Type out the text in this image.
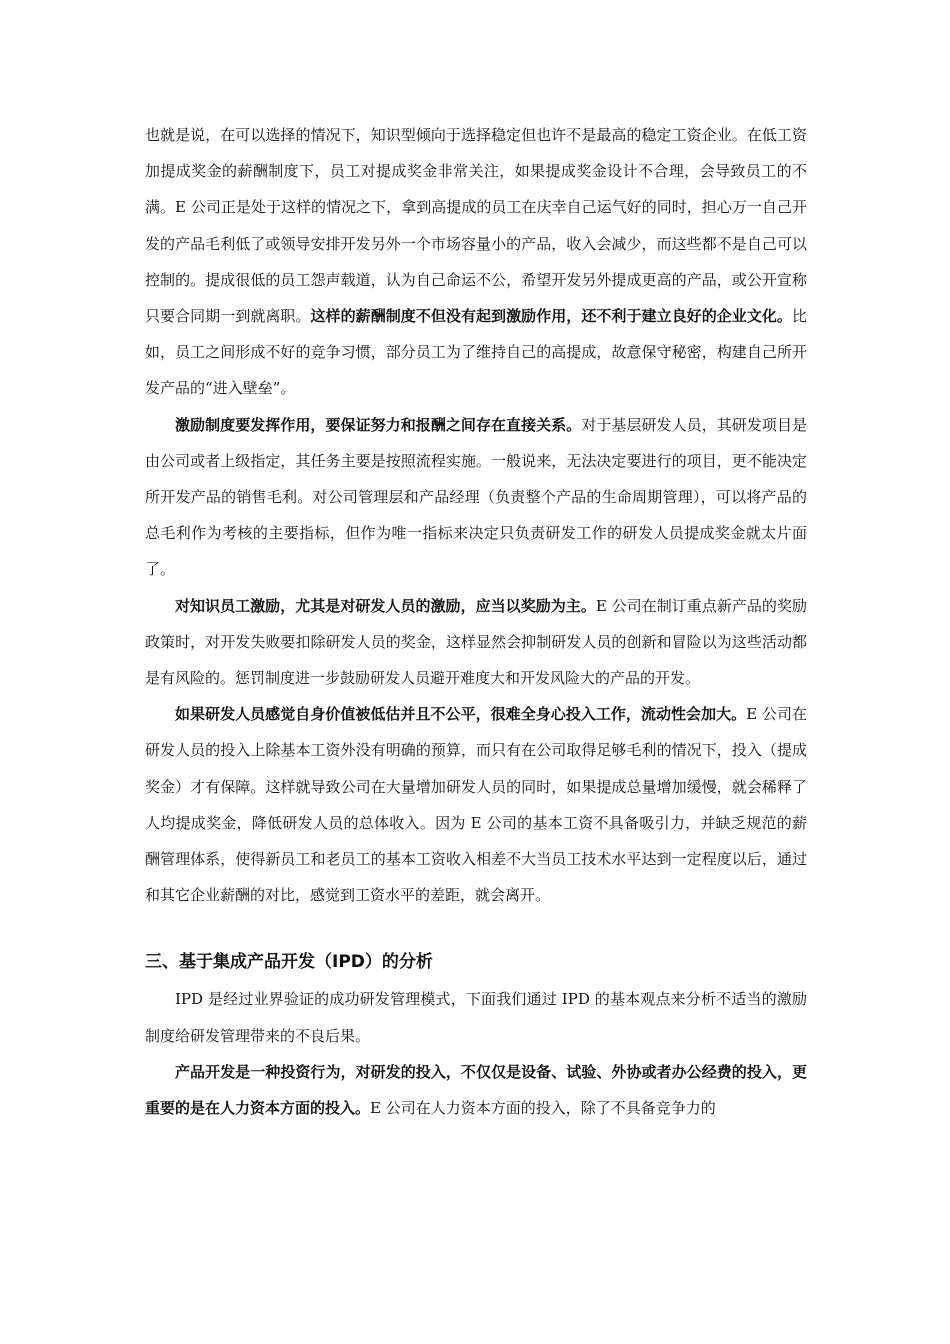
也就是说，在可以选择的情况下，知识型倾向于选择稳定但也许不是最高的稳定工资企业。在低工资加提成奖金的薪酬制度下，员工对提成奖金非常关注，如果提成奖金设计不合理，会导致员工的不满。E 公司正是处于这样的情况之下，拿到高提成的员工在庆幸自己运气好的同时，担心万一自己开发的产品毛利低了或领导安排开发另外一个市场容量小的产品，收入会减少，而这些都不是自己可以控制的。提成很低的员工怨声载道，认为自己命运不公，希望开发另外提成更高的产品，或公开宣称只要合同期一到就离职。这样的薪酬制度不但没有起到激励作用，还不利于建立良好的企业文化。比如，员工之间形成不好的竞争习惯，部分员工为了维持自己的高提成，故意保守秘密，构建自己所开发产品的“进入壁垒”。

激励制度要发挥作用，要保证努力和报酬之间存在直接关系。对于基层研发人员，其研发项目是由公司或者上级指定，其任务主要是按照流程实施。一般说来，无法决定要进行的项目，更不能决定所开发产品的销售毛利。对公司管理层和产品经理（负责整个产品的生命周期管理），可以将产品的总毛利作为考核的主要指标，但作为唯一指标来决定只负责研发工作的研发人员提成奖金就太片面了。

对知识员工激励，尤其是对研发人员的激励，应当以奖励为主。E 公司在制订重点新产品的奖励政策时，对开发失败要扣除研发人员的奖金，这样显然会抑制研发人员的创新和冒险以为这些活动都是有风险的。惩罚制度进一步鼓励研发人员避开难度大和开发风险大的产品的开发。

如果研发人员感觉自身价值被低估并且不公平，很难全身心投入工作，流动性会加大。E 公司在研发人员的投入上除基本工资外没有明确的预算，而只有在公司取得足够毛利的情况下，投入（提成奖金）才有保障。这样就导致公司在大量增加研发人员的同时，如果提成总量增加缓慢，就会稀释了人均提成奖金，降低研发人员的总体收入。因为 E 公司的基本工资不具备吸引力，并缺乏规范的薪酬管理体系，使得新员工和老员工的基本工资收入相差不大当员工技术水平达到一定程度以后，通过和其它企业薪酬的对比，感觉到工资水平的差距，就会离开。

三、基于集成产品开发（IPD）的分析

IPD 是经过业界验证的成功研发管理模式，下面我们通过 IPD 的基本观点来分析不适当的激励制度给研发管理带来的不良后果。

产品开发是一种投资行为，对研发的投入，不仅仅是设备、试验、外协或者办公经费的投入，更重要的是在人力资本方面的投入。E 公司在人力资本方面的投入，除了不具备竞争力的
